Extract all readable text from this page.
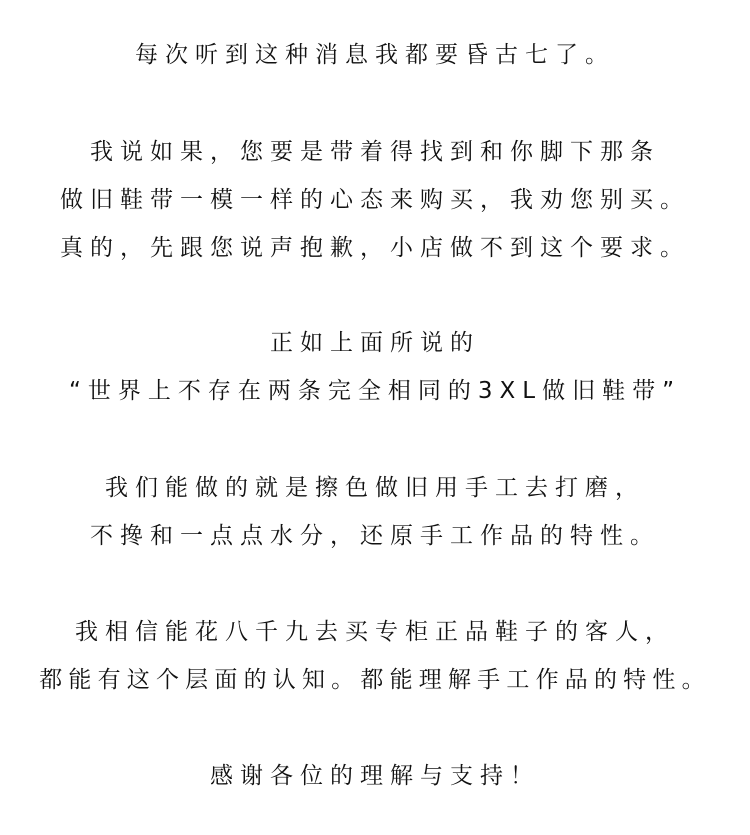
每次听到这种消息我都要昏古七了。
我说如果，您要是带着得找到和你脚下那条
做旧鞋带一模一样的心态来购买，我劝您别买。
真的，先跟您说声抱歉，小店做不到这个要求。
正如上面所说的
“世界上不存在两条完全相同的3XL做旧鞋带”
我们能做的就是擦色做旧用手工去打磨，
不搀和一点点水分，还原手工作品的特性。
我相信能花八千九去买专柜正品鞋子的客人，
都能有这个层面的认知。都能理解手工作品的特性。
感谢各位的理解与支持！
